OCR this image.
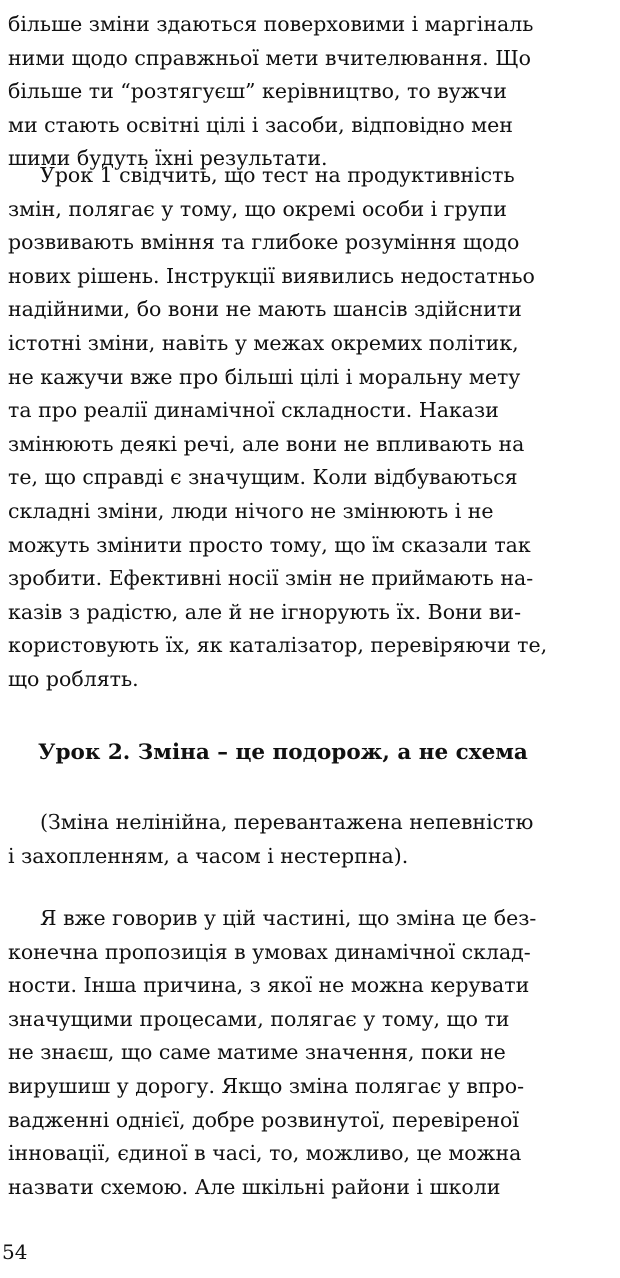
більше зміни здаються поверховими і маргіналь
ними щодо справжньої мети вчителювання. Що
більше ти “розтягуєш” керівництво, то вужчи
ми стають освітні цілі і засоби, відповідно мен
шими будуть їхні результати.

Урок 1 свідчить, що тест на продуктивність
змін, полягає у тому, що окремі особи і групи
розвивають вміння та глибоке розуміння щодо
нових рішень. Інструкції виявились недостатньо
надійними, бо вони не мають шансів здійснити
істотні зміни, навіть у межах окремих політик,
не кажучи вже про більші цілі і моральну мету
та про реалії динамічної складности. Накази
змінюють деякі речі, але вони не впливають на
те, що справді є значущим. Коли відбуваються
складні зміни, люди нічого не змінюють і не
можуть змінити просто тому, що їм сказали так
зробити. Ефективні носії змін не приймають на-
казів з радістю, але й не ігнорують їх. Вони ви-
користовують їх, як каталізатор, перевіряючи те,
що роблять.

Урок 2. Зміна – це подорож, а не схема

(Зміна нелінійна, перевантажена непевністю
і захопленням, а часом і нестерпна).

Я вже говорив у цій частині, що зміна це без-
конечна пропозиція в умовах динамічної склад-
ности. Інша причина, з якої не можна керувати
значущими процесами, полягає у тому, що ти
не знаєш, що саме матиме значення, поки не
вирушиш у дорогу. Якщо зміна полягає у впро-
вадженні однієї, добре розвинутої, перевіреної
інновації, єдиної в часі, то, можливо, це можна
назвати схемою. Але шкільні райони і школи

54
